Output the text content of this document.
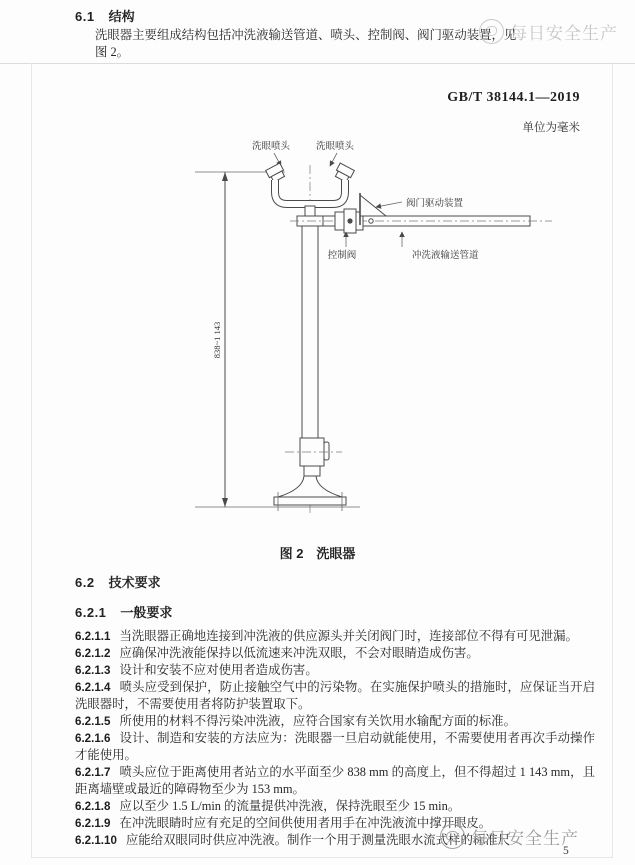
6.1 结构
洗眼器主要组成结构包括冲洗液输送管道、喷头、控制阀、阀门驱动装置，见图 2。
每日安全生产
GB/T 38144.1—2019
单位为毫米
838~1 143
洗眼喷头	洗眼喷头
阀门驱动装置
控制阀	冲洗液输送管道
图 2　洗眼器
6.2 技术要求
6.2.1 一般要求

6.2.1.1 当洗眼器正确地连接到冲洗液的供应源头并关闭阀门时，连接部位不得有可见泄漏。

6.2.1.2 应确保冲洗液能保持以低流速来冲洗双眼，不会对眼睛造成伤害。

6.2.1.3 设计和安装不应对使用者造成伤害。

6.2.1.4 喷头应受到保护，防止接触空气中的污染物。在实施保护喷头的措施时，应保证当开启洗眼器时，不需要使用者将防护装置取下。

6.2.1.5 所使用的材料不得污染冲洗液，应符合国家有关饮用水输配方面的标准。

6.2.1.6 设计、制造和安装的方法应为：洗眼器一旦启动就能使用，不需要使用者再次手动操作才能使用。

6.2.1.7 喷头应位于距离使用者站立的水平面至少 838 mm 的高度上，但不得超过 1 143 mm，且距离墙壁或最近的障碍物至少为 153 mm。

6.2.1.8 应以至少 1.5 L/min 的流量提供冲洗液，保持洗眼至少 15 min。

6.2.1.9 在冲洗眼睛时应有充足的空间供使用者用手在冲洗液流中撑开眼皮。

6.2.1.10 应能给双眼同时供应冲洗液。制作一个用于测量洗眼水流式样的标准尺

每日安全生产
5
